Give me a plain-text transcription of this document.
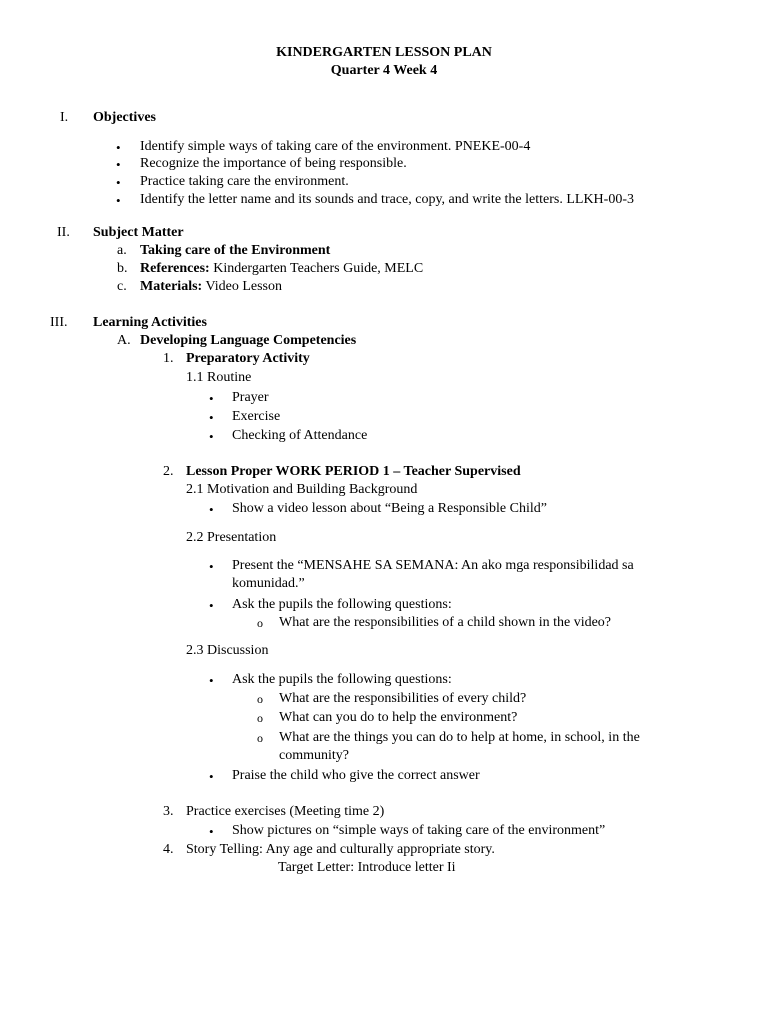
KINDERGARTEN LESSON PLAN
Quarter 4 Week 4
I. Objectives
• Identify simple ways of taking care of the environment. PNEKE-00-4
• Recognize the importance of being responsible.
• Practice taking care the environment.
• Identify the letter name and its sounds and trace, copy, and write the letters. LLKH-00-3
II. Subject Matter
a. Taking care of the Environment
b. References: Kindergarten Teachers Guide, MELC
c. Materials: Video Lesson
III. Learning Activities
A. Developing Language Competencies
1. Preparatory Activity
1.1 Routine
• Prayer
• Exercise
• Checking of Attendance
2. Lesson Proper WORK PERIOD 1 – Teacher Supervised
2.1 Motivation and Building Background
• Show a video lesson about “Being a Responsible Child”
2.2 Presentation
• Present the “MENSAHE SA SEMANA: An ako mga responsibilidad sa
komunidad.”
• Ask the pupils the following questions:
o What are the responsibilities of a child shown in the video?
2.3 Discussion
• Ask the pupils the following questions:
o What are the responsibilities of every child?
o What can you do to help the environment?
o What are the things you can do to help at home, in school, in the
community?
• Praise the child who give the correct answer
3. Practice exercises (Meeting time 2)
• Show pictures on “simple ways of taking care of the environment”
4. Story Telling: Any age and culturally appropriate story.
Target Letter: Introduce letter Ii
